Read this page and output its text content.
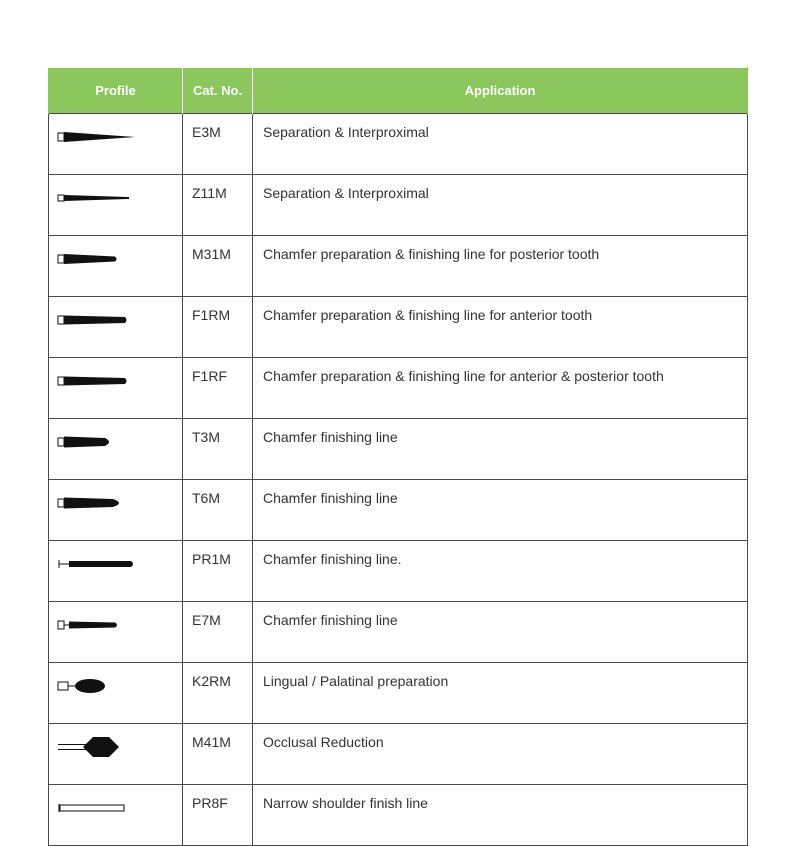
Profile	Cat. No.	Application

	E3M	Separation & Interproximal

	Z11M	Separation & Interproximal

	M31M	Chamfer preparation & finishing line for posterior tooth

	F1RM	Chamfer preparation & finishing line for anterior tooth

	F1RF	Chamfer preparation & finishing line for anterior & posterior tooth

	T3M	Chamfer finishing line

	T6M	Chamfer finishing line

	PR1M	Chamfer finishing line.

	E7M	Chamfer finishing line

	K2RM	Lingual / Palatinal preparation

	M41M	Occlusal Reduction

	PR8F	Narrow shoulder finish line
